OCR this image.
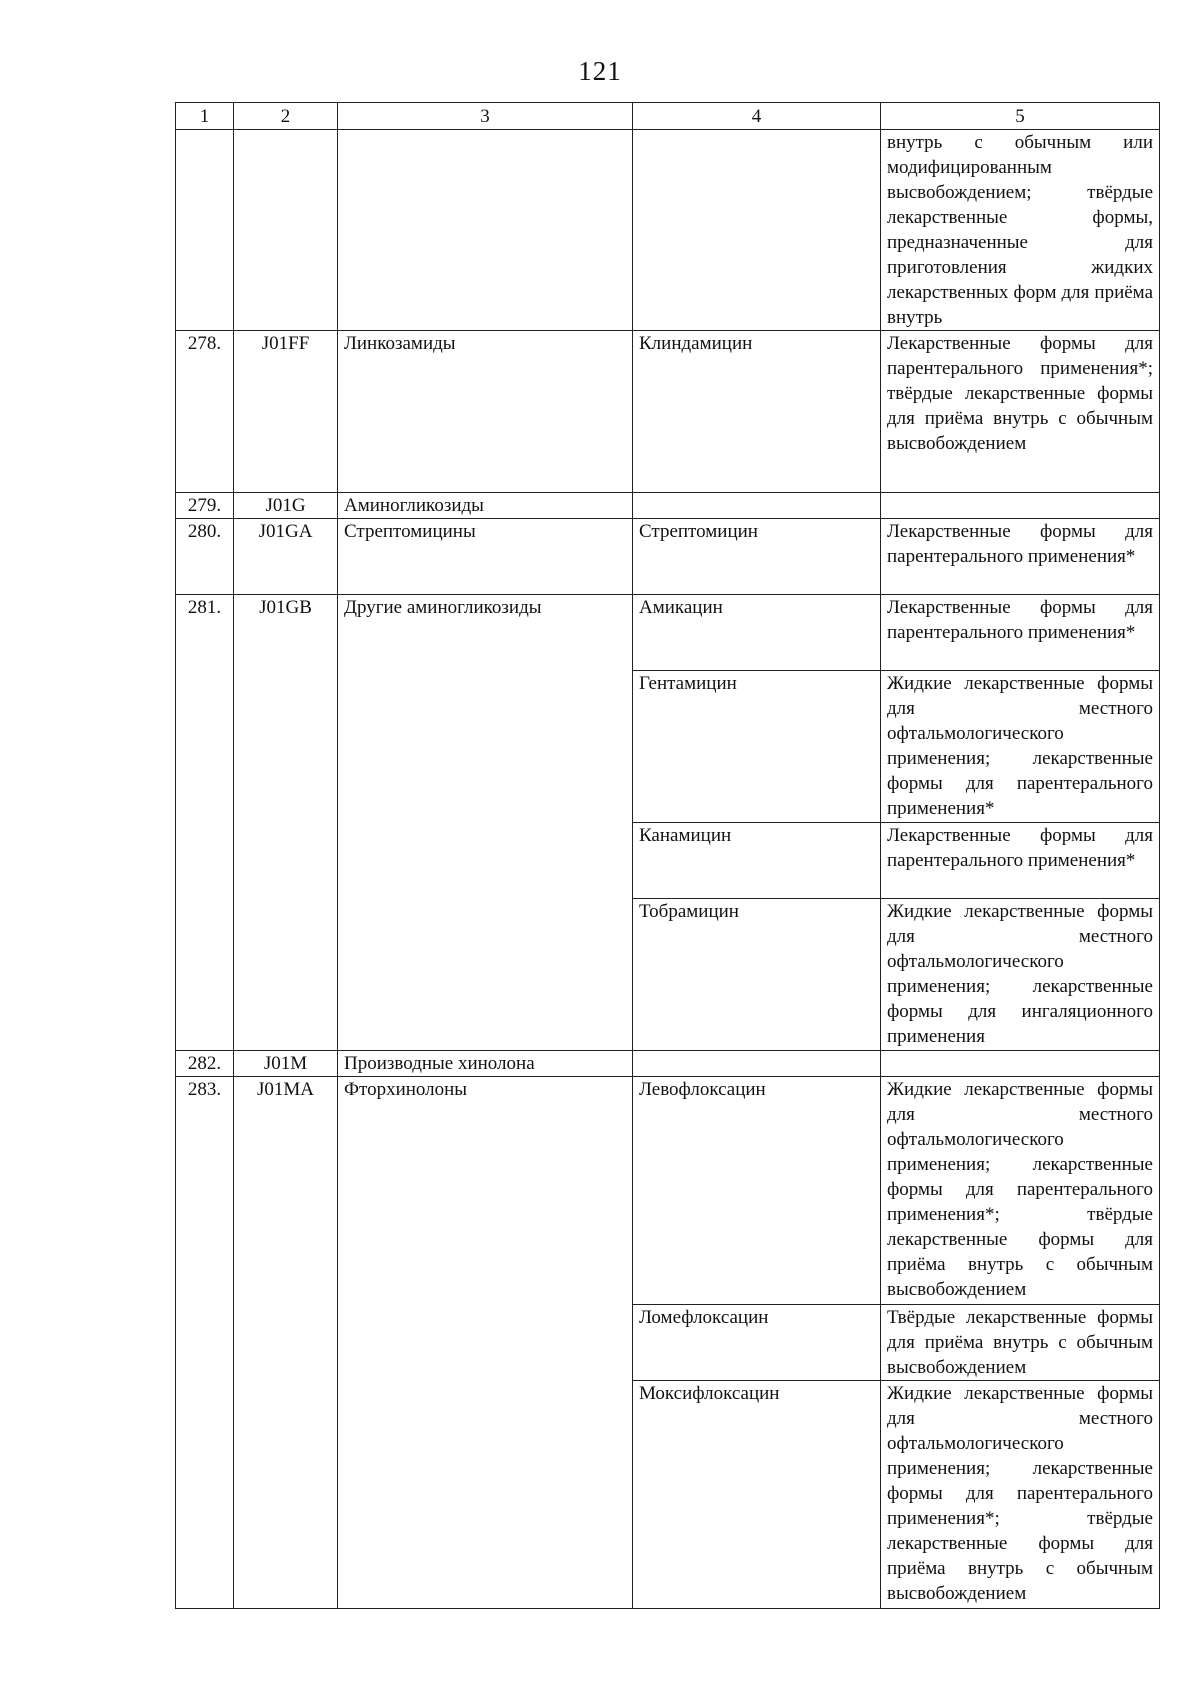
121
1	2	3	4	5
				внутрь с обычным или модифицированным высвобождением; твёрдые лекарственные формы, предназначенные для приготовления жидких лекарственных форм для приёма внутрь
278.	J01FF	Линкозамиды	Клиндамицин	Лекарственные формы для парентерального применения*; твёрдые лекарственные формы для приёма внутрь с обычным высвобождением
279.	J01G	Аминогликозиды		
280.	J01GA	Стрептомицины	Стрептомицин	Лекарственные формы для парентерального применения*
281.	J01GB	Другие аминогликозиды	Амикацин	Лекарственные формы для парентерального применения*
			Гентамицин	Жидкие лекарственные формы для местного офтальмологического применения; лекарственные формы для парентерального применения*
			Канамицин	Лекарственные формы для парентерального применения*
			Тобрамицин	Жидкие лекарственные формы для местного офтальмологического применения; лекарственные формы для ингаляционного применения
282.	J01M	Производные хинолона		
283.	J01MA	Фторхинолоны	Левофлоксацин	Жидкие лекарственные формы для местного офтальмологического применения; лекарственные формы для парентерального применения*; твёрдые лекарственные формы для приёма внутрь с обычным высвобождением
			Ломефлоксацин	Твёрдые лекарственные формы для приёма внутрь с обычным высвобождением
			Моксифлоксацин	Жидкие лекарственные формы для местного офтальмологического применения; лекарственные формы для парентерального применения*; твёрдые лекарственные формы для приёма внутрь с обычным высвобождением
